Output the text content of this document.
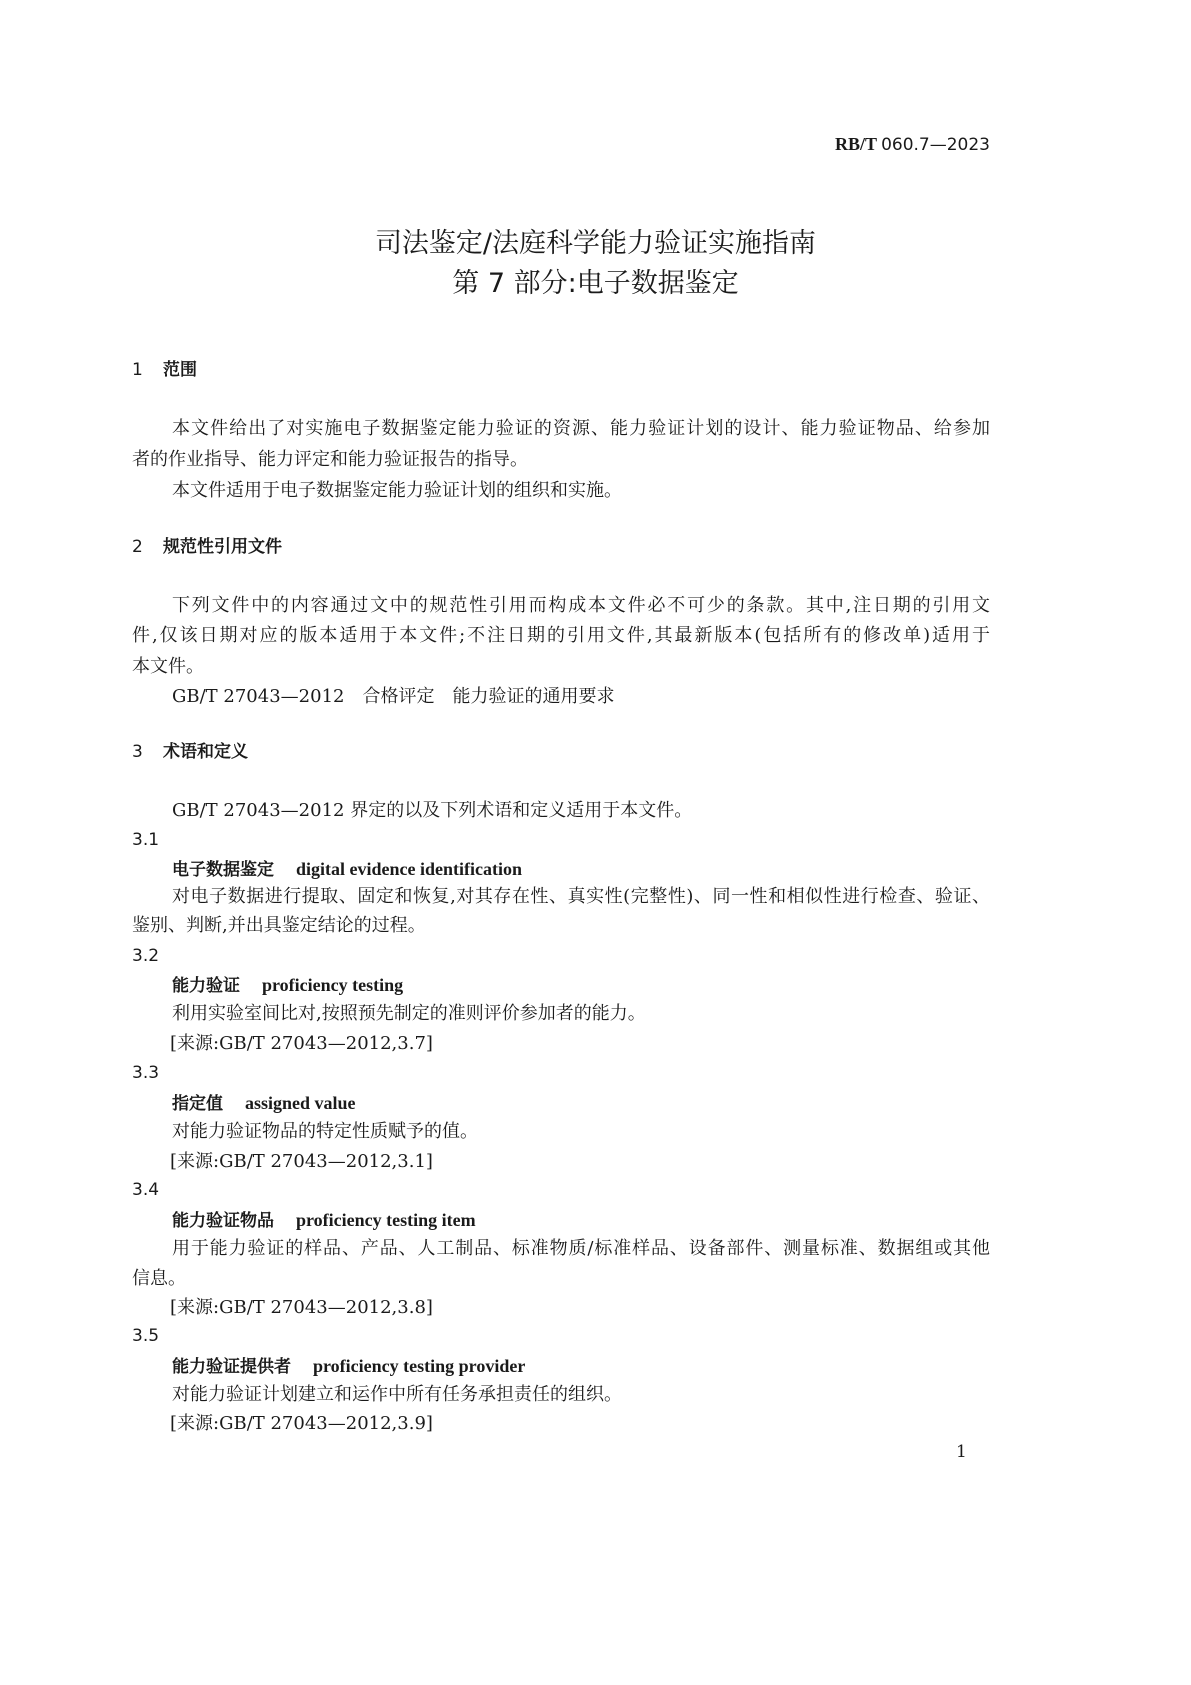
RB/T 060.7—2023
司法鉴定/法庭科学能力验证实施指南
第 7 部分:电子数据鉴定
1 范围
本文件给出了对实施电子数据鉴定能力验证的资源、能力验证计划的设计、能力验证物品、给参加
者的作业指导、能力评定和能力验证报告的指导。
本文件适用于电子数据鉴定能力验证计划的组织和实施。
2 规范性引用文件
下列文件中的内容通过文中的规范性引用而构成本文件必不可少的条款。其中,注日期的引用文
件,仅该日期对应的版本适用于本文件;不注日期的引用文件,其最新版本(包括所有的修改单)适用于
本文件。
GB/T 27043—2012　合格评定　能力验证的通用要求
3 术语和定义
GB/T 27043—2012 界定的以及下列术语和定义适用于本文件。
3.1
电子数据鉴定 digital evidence identification
对电子数据进行提取、固定和恢复,对其存在性、真实性(完整性)、同一性和相似性进行检查、验证、
鉴别、判断,并出具鉴定结论的过程。
3.2
能力验证 proficiency testing
利用实验室间比对,按照预先制定的准则评价参加者的能力。
[来源:GB/T 27043—2012,3.7]
3.3
指定值 assigned value
对能力验证物品的特定性质赋予的值。
[来源:GB/T 27043—2012,3.1]
3.4
能力验证物品 proficiency testing item
用于能力验证的样品、产品、人工制品、标准物质/标准样品、设备部件、测量标准、数据组或其他
信息。
[来源:GB/T 27043—2012,3.8]
3.5
能力验证提供者 proficiency testing provider
对能力验证计划建立和运作中所有任务承担责任的组织。
[来源:GB/T 27043—2012,3.9]
1
